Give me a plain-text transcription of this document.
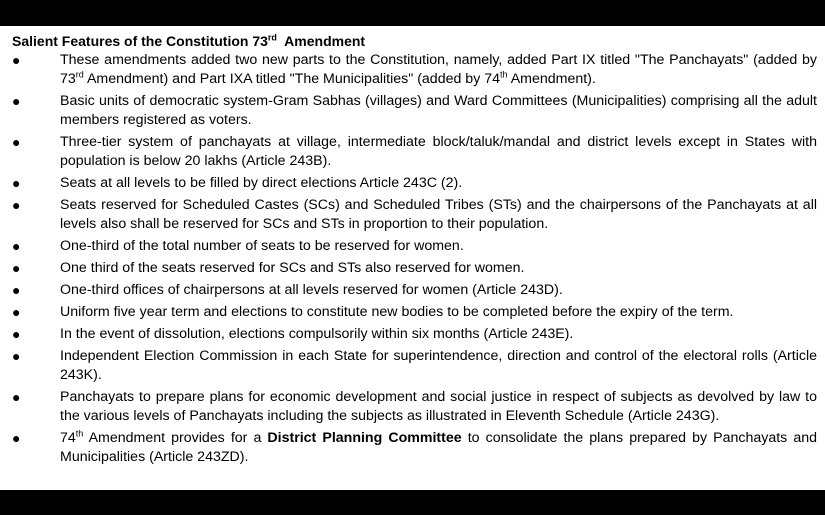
Salient Features of the Constitution 73rd  Amendment
●	These amendments added two new parts to the Constitution, namely, added Part IX titled "The Panchayats" (added by 73rd Amendment) and Part IXA titled "The Municipalities" (added by 74th Amendment).
●	Basic units of democratic system-Gram Sabhas (villages) and Ward Committees (Municipalities) comprising all the adult members registered as voters.
●	Three-tier system of panchayats at village, intermediate block/taluk/mandal and district levels except in States with population is below 20 lakhs (Article 243B).
●	Seats at all levels to be filled by direct elections Article 243C (2).
●	Seats reserved for Scheduled Castes (SCs) and Scheduled Tribes (STs) and the chairpersons of the Panchayats at all levels also shall be reserved for SCs and STs in proportion to their population.
●	One-third of the total number of seats to be reserved for women.
●	One third of the seats reserved for SCs and STs also reserved for women.
●	One-third offices of chairpersons at all levels reserved for women (Article 243D).
●	Uniform five year term and elections to constitute new bodies to be completed before the expiry of the term.
●	In the event of dissolution, elections compulsorily within six months (Article 243E).
●	Independent Election Commission in each State for superintendence, direction and control of the electoral rolls (Article 243K).
●	Panchayats to prepare plans for economic development and social justice in respect of subjects as devolved by law to the various levels of Panchayats including the subjects as illustrated in Eleventh Schedule (Article 243G).
●	74th Amendment provides for a District Planning Committee to consolidate the plans prepared by Panchayats and Municipalities (Article 243ZD).
